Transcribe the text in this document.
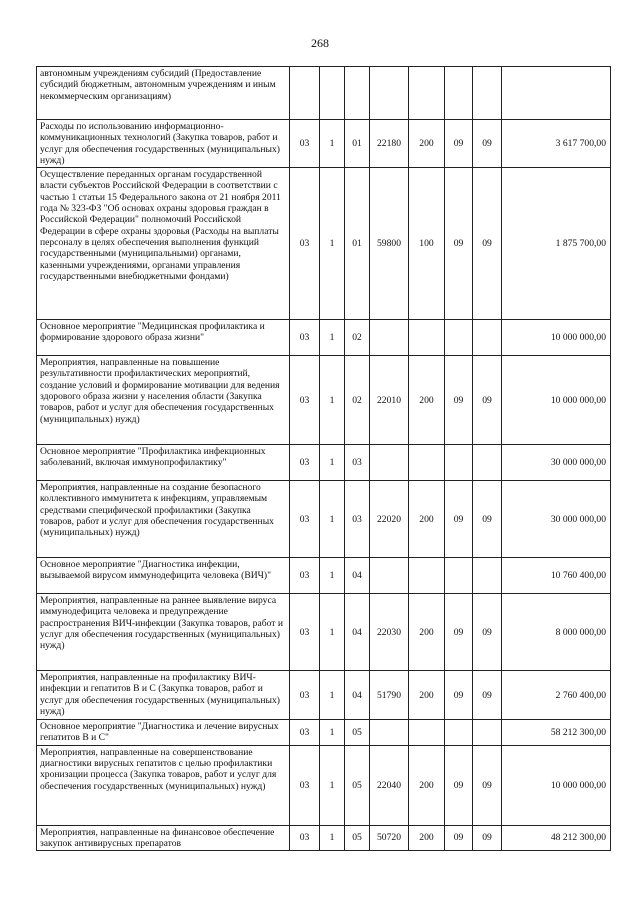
268
автономным учреждениям субсидий (Предоставление субсидий бюджетным, автономным учреждениям и иным некоммерческим организациям)								
Расходы по использованию информационно-коммуникационных технологий (Закупка товаров, работ и услуг для обеспечения государственных (муниципальных) нужд)	03	1	01	22180	200	09	09	3 617 700,00
Осуществление переданных органам государственной власти субъектов Российской Федерации в соответствии с частью 1 статьи 15 Федерального закона от 21 ноября 2011 года № 323-ФЗ "Об основах охраны здоровья граждан в Российской Федерации" полномочий Российской Федерации в сфере охраны здоровья (Расходы на выплаты персоналу в целях обеспечения выполнения функций государственными (муниципальными) органами, казенными учреждениями, органами управления государственными внебюджетными фондами)	03	1	01	59800	100	09	09	1 875 700,00
Основное мероприятие "Медицинская профилактика и формирование здорового образа жизни"	03	1	02					10 000 000,00
Мероприятия, направленные на повышение результативности профилактических мероприятий, создание условий и формирование мотивации для ведения здорового образа жизни у населения области (Закупка товаров, работ и услуг для обеспечения государственных (муниципальных) нужд)	03	1	02	22010	200	09	09	10 000 000,00
Основное мероприятие "Профилактика инфекционных заболеваний, включая иммунопрофилактику"	03	1	03					30 000 000,00
Мероприятия, направленные на создание безопасного коллективного иммунитета к инфекциям, управляемым средствами специфической профилактики (Закупка товаров, работ и услуг для обеспечения государственных (муниципальных) нужд)	03	1	03	22020	200	09	09	30 000 000,00
Основное мероприятие "Диагностика инфекции, вызываемой вирусом иммунодефицита человека (ВИЧ)"	03	1	04					10 760 400,00
Мероприятия, направленные на раннее выявление вируса иммунодефицита человека и предупреждение распространения ВИЧ-инфекции (Закупка товаров, работ и услуг для обеспечения государственных (муниципальных) нужд)	03	1	04	22030	200	09	09	8 000 000,00
Мероприятия, направленные на профилактику ВИЧ-инфекции и гепатитов B и C (Закупка товаров, работ и услуг для обеспечения государственных (муниципальных) нужд)	03	1	04	51790	200	09	09	2 760 400,00
Основное мероприятие "Диагностика и лечение вирусных гепатитов B и C"	03	1	05					58 212 300,00
Мероприятия, направленные на совершенствование диагностики вирусных гепатитов с целью профилактики хронизации процесса (Закупка товаров, работ и услуг для обеспечения государственных (муниципальных) нужд)	03	1	05	22040	200	09	09	10 000 000,00
Мероприятия, направленные на финансовое обеспечение закупок антивирусных препаратов	03	1	05	50720	200	09	09	48 212 300,00
